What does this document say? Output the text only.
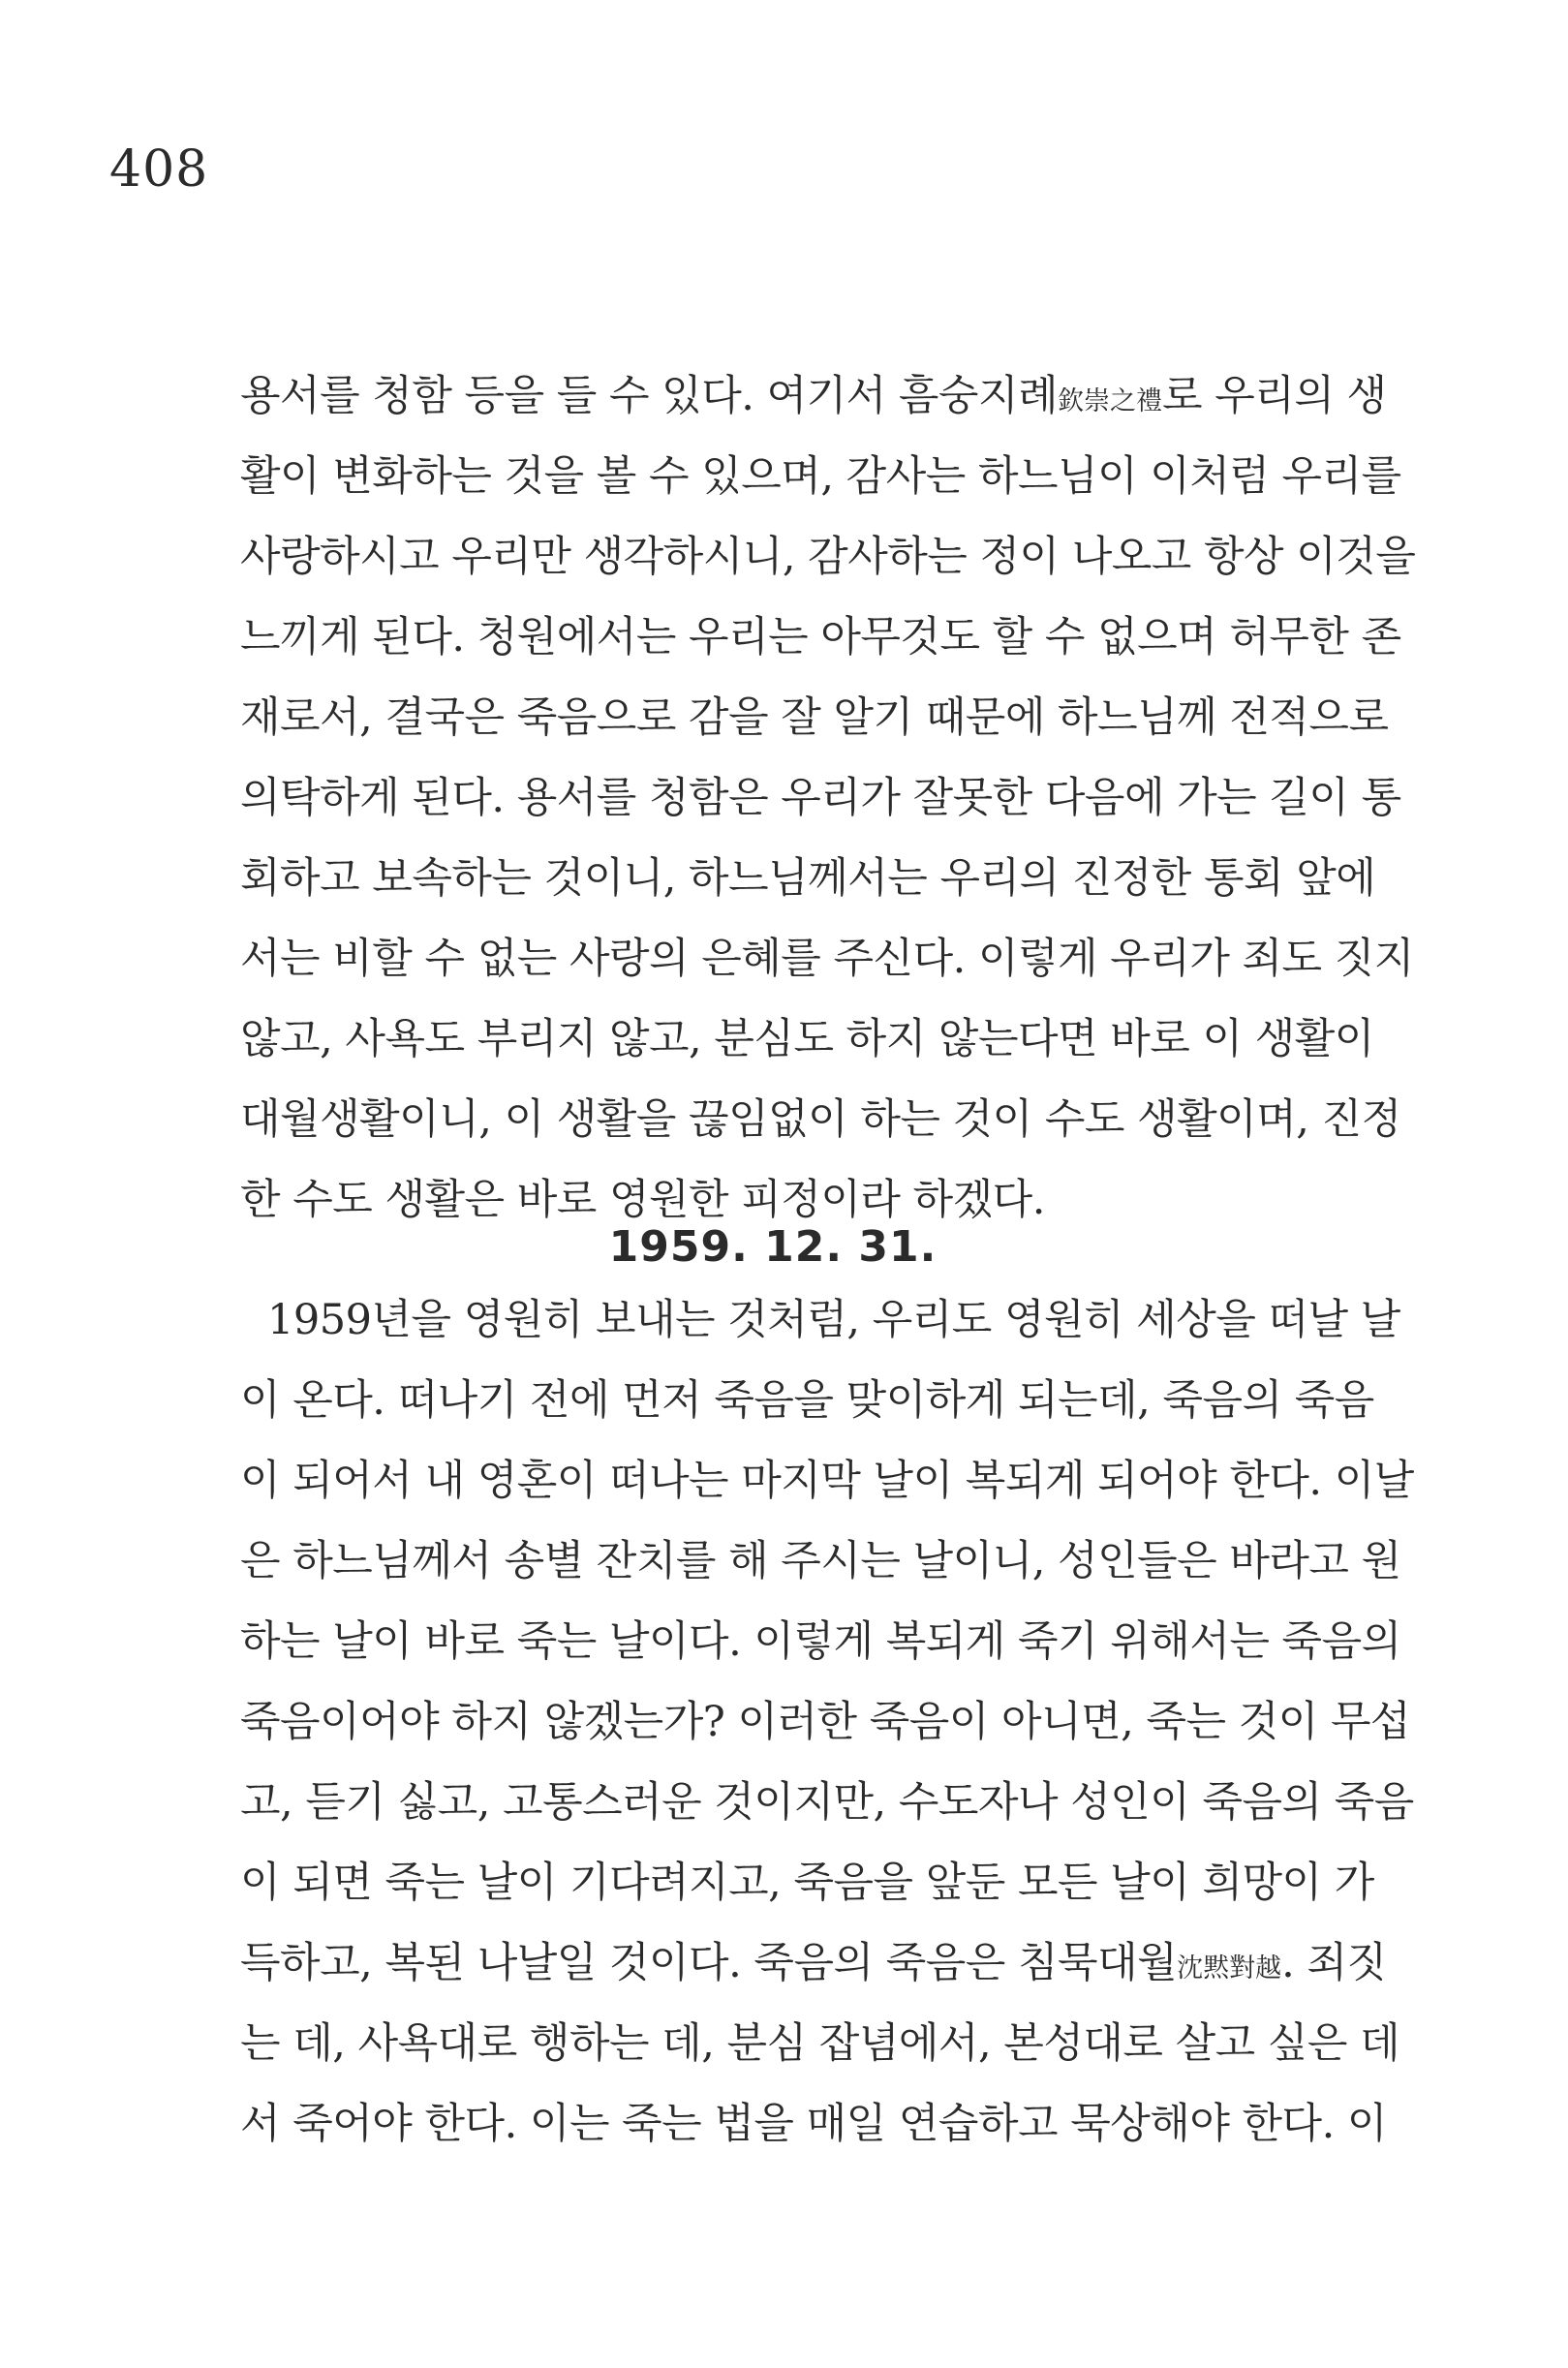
408
용서를 청함 등을 들 수 있다. 여기서 흠숭지례欽崇之禮로 우리의 생
활이 변화하는 것을 볼 수 있으며, 감사는 하느님이 이처럼 우리를
사랑하시고 우리만 생각하시니, 감사하는 정이 나오고 항상 이것을
느끼게 된다. 청원에서는 우리는 아무것도 할 수 없으며 허무한 존
재로서, 결국은 죽음으로 감을 잘 알기 때문에 하느님께 전적으로
의탁하게 된다. 용서를 청함은 우리가 잘못한 다음에 가는 길이 통
회하고 보속하는 것이니, 하느님께서는 우리의 진정한 통회 앞에
서는 비할 수 없는 사랑의 은혜를 주신다. 이렇게 우리가 죄도 짓지
않고, 사욕도 부리지 않고, 분심도 하지 않는다면 바로 이 생활이
대월생활이니, 이 생활을 끊임없이 하는 것이 수도 생활이며, 진정
한 수도 생활은 바로 영원한 피정이라 하겠다.
1959. 12. 31.
1959년을 영원히 보내는 것처럼, 우리도 영원히 세상을 떠날 날
이 온다. 떠나기 전에 먼저 죽음을 맞이하게 되는데, 죽음의 죽음
이 되어서 내 영혼이 떠나는 마지막 날이 복되게 되어야 한다. 이날
은 하느님께서 송별 잔치를 해 주시는 날이니, 성인들은 바라고 원
하는 날이 바로 죽는 날이다. 이렇게 복되게 죽기 위해서는 죽음의
죽음이어야 하지 않겠는가? 이러한 죽음이 아니면, 죽는 것이 무섭
고, 듣기 싫고, 고통스러운 것이지만, 수도자나 성인이 죽음의 죽음
이 되면 죽는 날이 기다려지고, 죽음을 앞둔 모든 날이 희망이 가
득하고, 복된 나날일 것이다. 죽음의 죽음은 침묵대월沈黙對越. 죄짓
는 데, 사욕대로 행하는 데, 분심 잡념에서, 본성대로 살고 싶은 데
서 죽어야 한다. 이는 죽는 법을 매일 연습하고 묵상해야 한다. 이
